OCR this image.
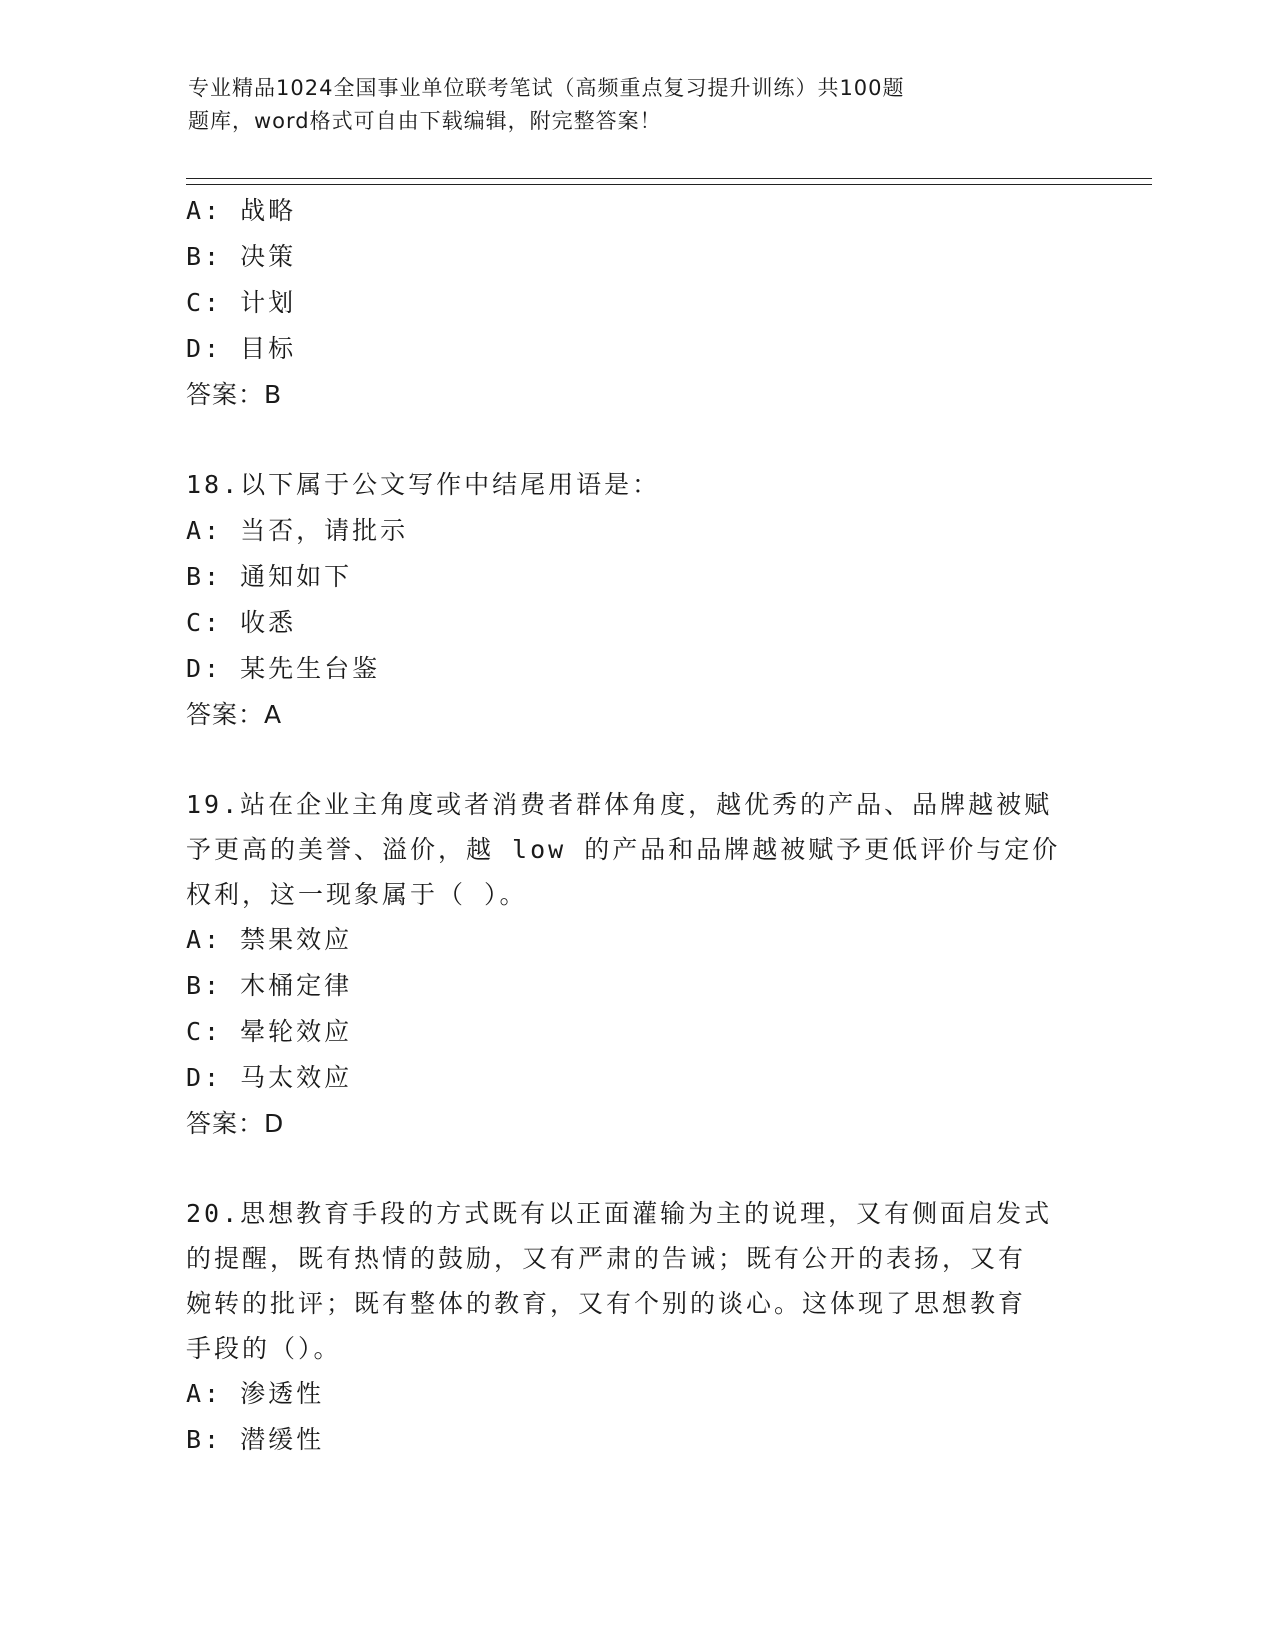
专业精品1024全国事业单位联考笔试（高频重点复习提升训练）共100题
题库，word格式可自由下载编辑，附完整答案！
A: 战略
B: 决策
C: 计划
D: 目标
答案：B
18.以下属于公文写作中结尾用语是：
A: 当否，请批示
B: 通知如下
C: 收悉
D: 某先生台鉴
答案：A
19.站在企业主角度或者消费者群体角度，越优秀的产品、品牌越被赋
予更高的美誉、溢价，越 low 的产品和品牌越被赋予更低评价与定价
权利，这一现象属于（ ）。
A: 禁果效应
B: 木桶定律
C: 晕轮效应
D: 马太效应
答案：D
20.思想教育手段的方式既有以正面灌输为主的说理，又有侧面启发式
的提醒，既有热情的鼓励，又有严肃的告诫；既有公开的表扬，又有
婉转的批评；既有整体的教育，又有个别的谈心。这体现了思想教育
手段的（）。
A: 渗透性
B: 潜缓性
